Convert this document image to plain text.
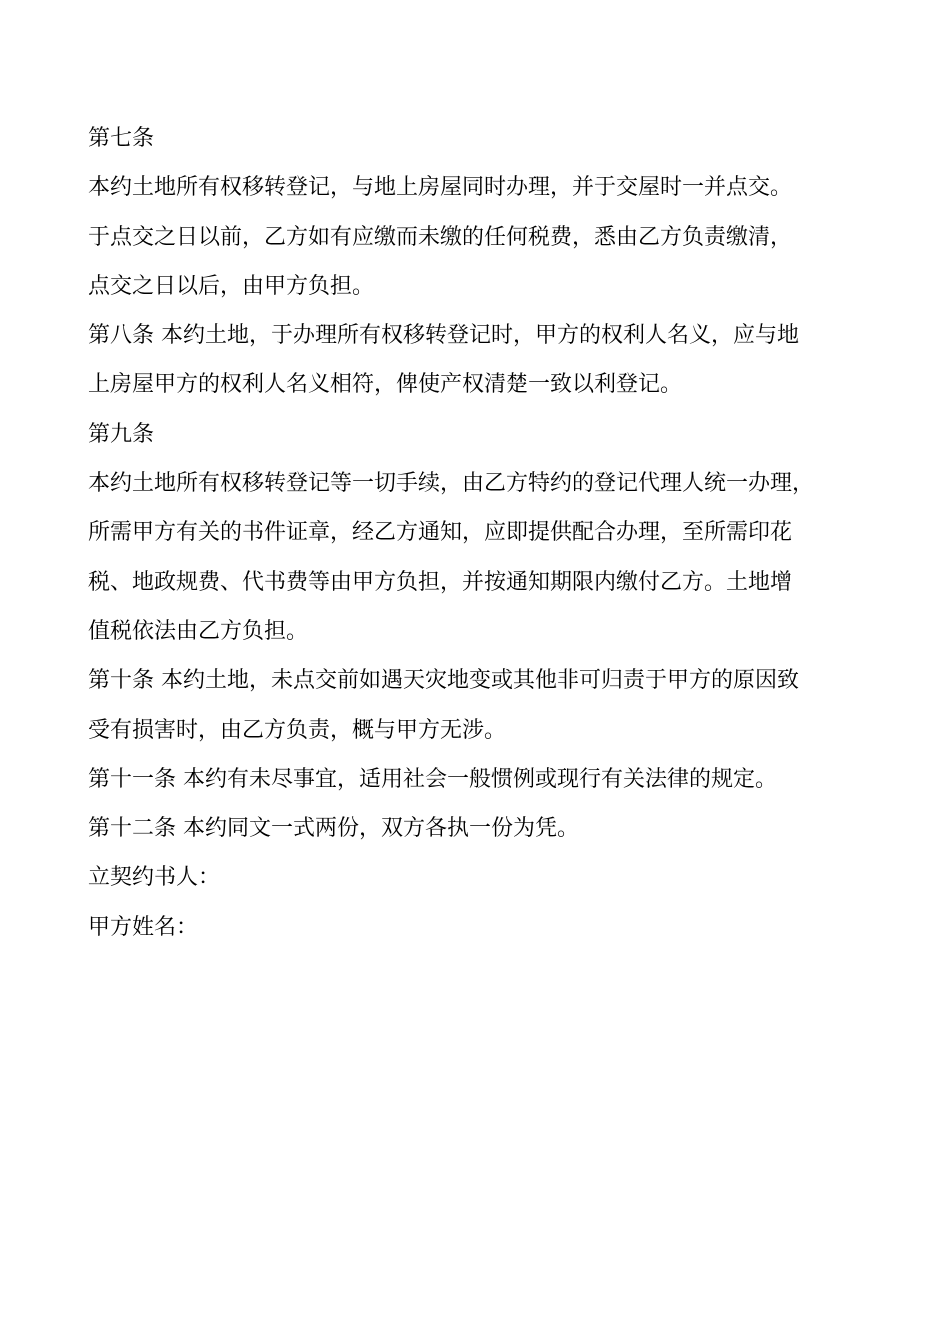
第七条
本约土地所有权移转登记，与地上房屋同时办理，并于交屋时一并点交。
于点交之日以前，乙方如有应缴而未缴的任何税费，悉由乙方负责缴清，
点交之日以后，由甲方负担。
第八条 本约土地，于办理所有权移转登记时，甲方的权利人名义，应与地
上房屋甲方的权利人名义相符，俾使产权清楚一致以利登记。
第九条
本约土地所有权移转登记等一切手续，由乙方特约的登记代理人统一办理，
所需甲方有关的书件证章，经乙方通知，应即提供配合办理，至所需印花
税、地政规费、代书费等由甲方负担，并按通知期限内缴付乙方。土地增
值税依法由乙方负担。
第十条 本约土地，未点交前如遇天灾地变或其他非可归责于甲方的原因致
受有损害时，由乙方负责，概与甲方无涉。
第十一条 本约有未尽事宜，适用社会一般惯例或现行有关法律的规定。
第十二条 本约同文一式两份，双方各执一份为凭。
立契约书人：
甲方姓名：
